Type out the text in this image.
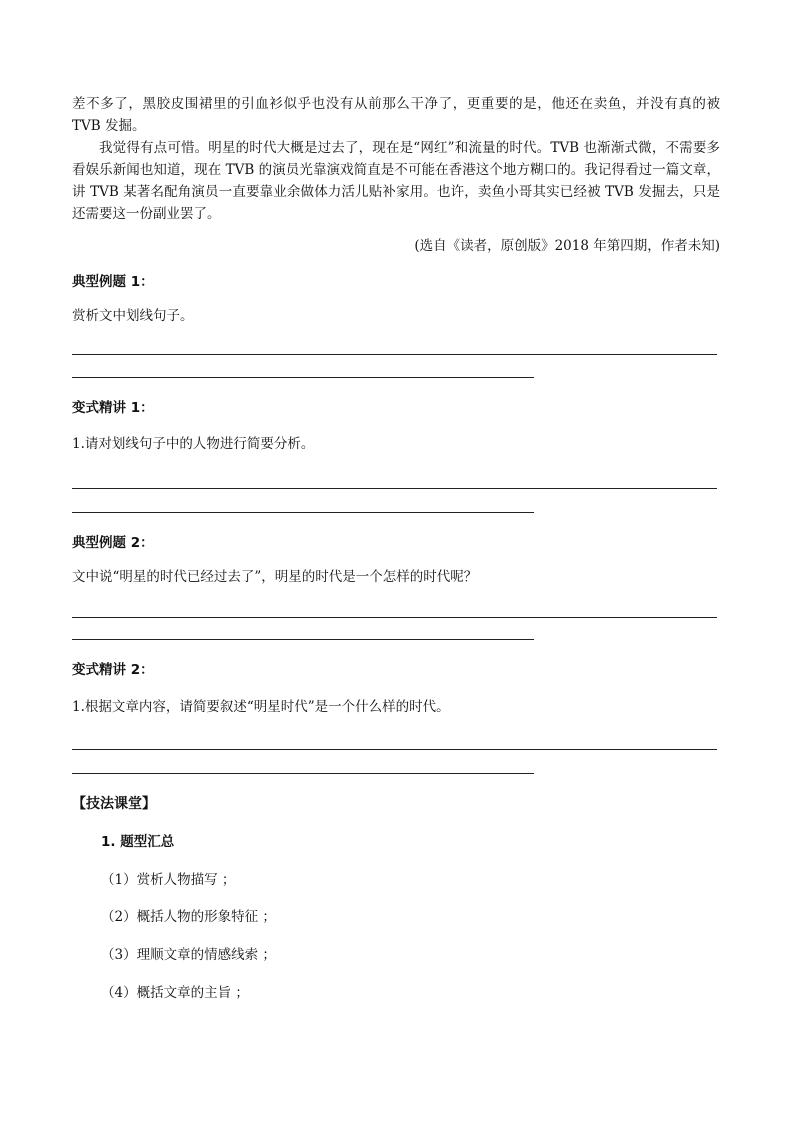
差不多了，黑胶皮围裙里的引血衫似乎也没有从前那么干净了，更重要的是，他还在卖鱼，并没有真的被 TVB 发掘。

我觉得有点可惜。明星的时代大概是过去了，现在是“网红”和流量的时代。TVB 也渐渐式微，不需要多看娱乐新闻也知道，现在 TVB 的演员光靠演戏简直是不可能在香港这个地方糊口的。我记得看过一篇文章，讲 TVB 某著名配角演员一直要靠业余做体力活儿贴补家用。也许，卖鱼小哥其实已经被 TVB 发掘去，只是还需要这一份副业罢了。

(选自《读者，原创版》2018 年第四期，作者未知)
典型例题 1：
赏析文中划线句子。
变式精讲 1：
1.请对划线句子中的人物进行简要分析。
典型例题 2：
文中说“明星的时代已经过去了”，明星的时代是一个怎样的时代呢？
变式精讲 2：
1.根据文章内容，请简要叙述“明星时代”是一个什么样的时代。
【技法课堂】
1. 题型汇总
（1）赏析人物描写 ；
（2）概括人物的形象特征 ；
（3）理顺文章的情感线索 ；
（4）概括文章的主旨 ；
